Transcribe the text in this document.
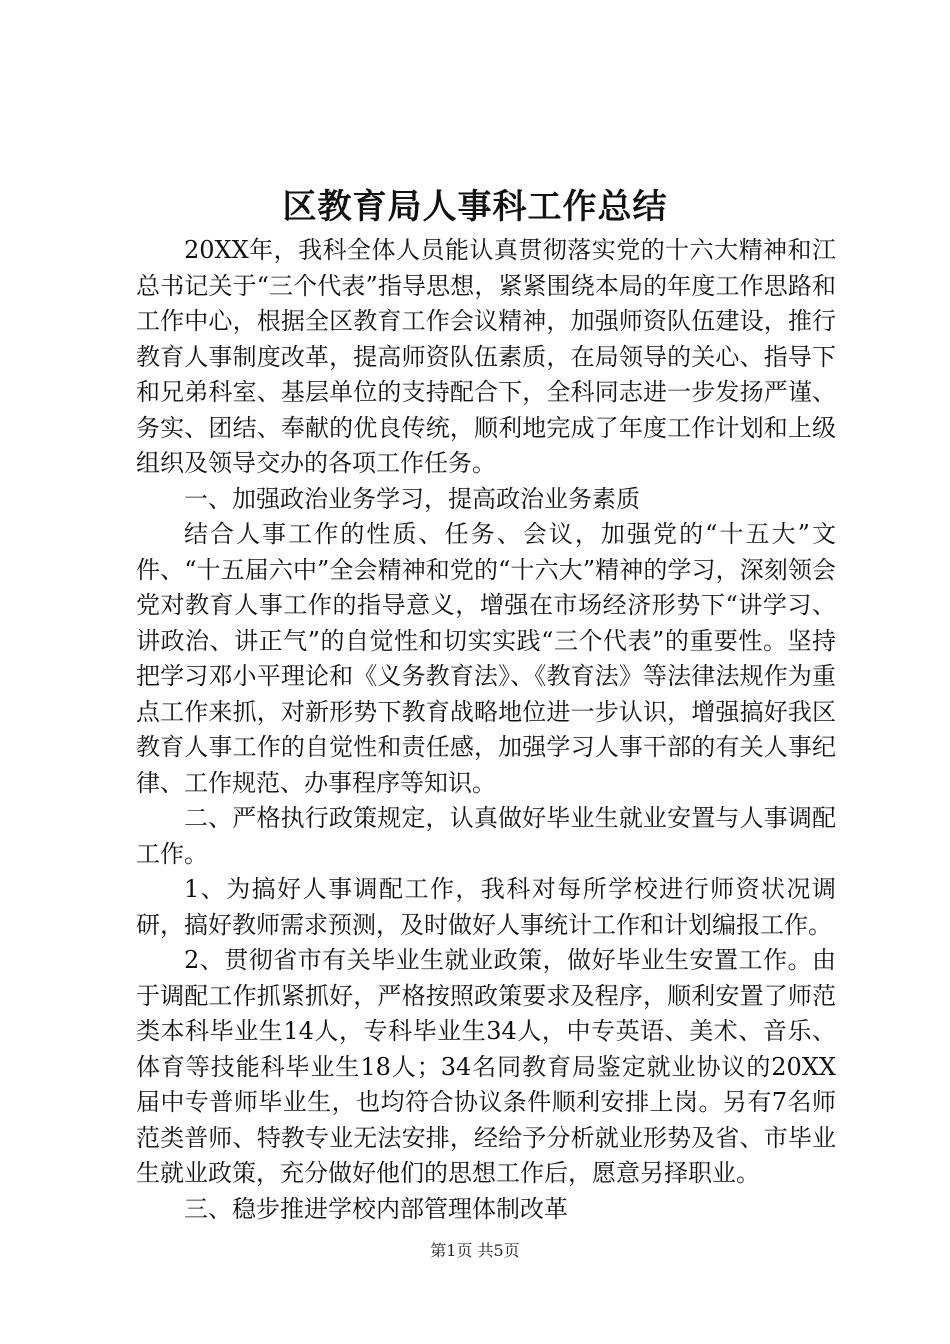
区教育局人事科工作总结

20XX年，我科全体人员能认真贯彻落实党的十六大精神和江总书记关于“三个代表”指导思想，紧紧围绕本局的年度工作思路和工作中心，根据全区教育工作会议精神，加强师资队伍建设，推行教育人事制度改革，提高师资队伍素质，在局领导的关心、指导下和兄弟科室、基层单位的支持配合下，全科同志进一步发扬严谨、务实、团结、奉献的优良传统，顺利地完成了年度工作计划和上级组织及领导交办的各项工作任务。

一、加强政治业务学习，提高政治业务素质

结合人事工作的性质、任务、会议，加强党的“十五大”文件、“十五届六中”全会精神和党的“十六大”精神的学习，深刻领会党对教育人事工作的指导意义，增强在市场经济形势下“讲学习、讲政治、讲正气”的自觉性和切实实践“三个代表”的重要性。坚持把学习邓小平理论和《义务教育法》、《教育法》等法律法规作为重点工作来抓，对新形势下教育战略地位进一步认识，增强搞好我区教育人事工作的自觉性和责任感，加强学习人事干部的有关人事纪律、工作规范、办事程序等知识。

二、严格执行政策规定，认真做好毕业生就业安置与人事调配工作。

1、为搞好人事调配工作，我科对每所学校进行师资状况调研，搞好教师需求预测，及时做好人事统计工作和计划编报工作。

2、贯彻省市有关毕业生就业政策，做好毕业生安置工作。由于调配工作抓紧抓好，严格按照政策要求及程序，顺利安置了师范类本科毕业生14人，专科毕业生34人，中专英语、美术、音乐、体育等技能科毕业生18人；34名同教育局鉴定就业协议的20XX届中专普师毕业生，也均符合协议条件顺利安排上岗。另有7名师范类普师、特教专业无法安排，经给予分析就业形势及省、市毕业生就业政策，充分做好他们的思想工作后，愿意另择职业。

三、稳步推进学校内部管理体制改革

第1页 共5页
